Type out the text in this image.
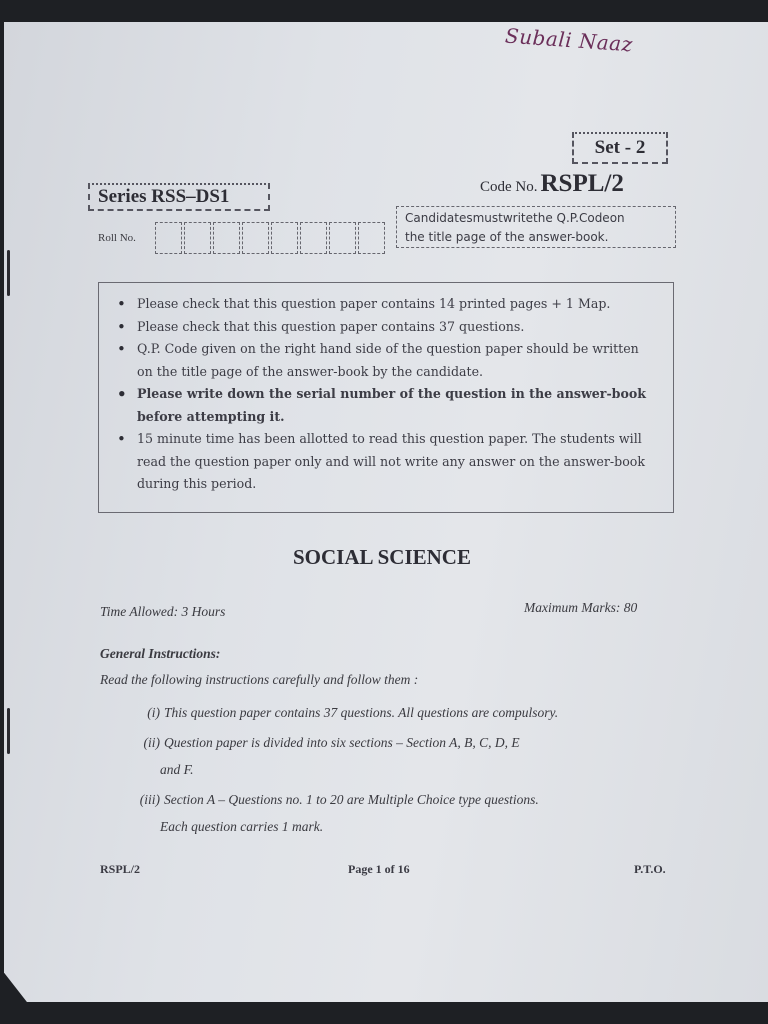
Subali Naaz
Set - 2
Code No. RSPL/2
Series RSS–DS1
Roll No.
Candidatesmustwritethe Q.P.Codeon
the title page of the answer-book.
• Please check that this question paper contains 14 printed pages + 1 Map.
• Please check that this question paper contains 37 questions.
• Q.P. Code given on the right hand side of the question paper should be written on the title page of the answer-book by the candidate.
• Please write down the serial number of the question in the answer-book before attempting it.
• 15 minute time has been allotted to read this question paper. The students will read the question paper only and will not write any answer on the answer-book during this period.
SOCIAL SCIENCE
Time Allowed: 3 Hours	Maximum Marks: 80
General Instructions:
Read the following instructions carefully and follow them :
(i) This question paper contains 37 questions. All questions are compulsory.
(ii) Question paper is divided into six sections – Section A, B, C, D, E
and F.
(iii) Section A – Questions no. 1 to 20 are Multiple Choice type questions.
Each question carries 1 mark.
RSPL/2	Page 1 of 16	P.T.O.
